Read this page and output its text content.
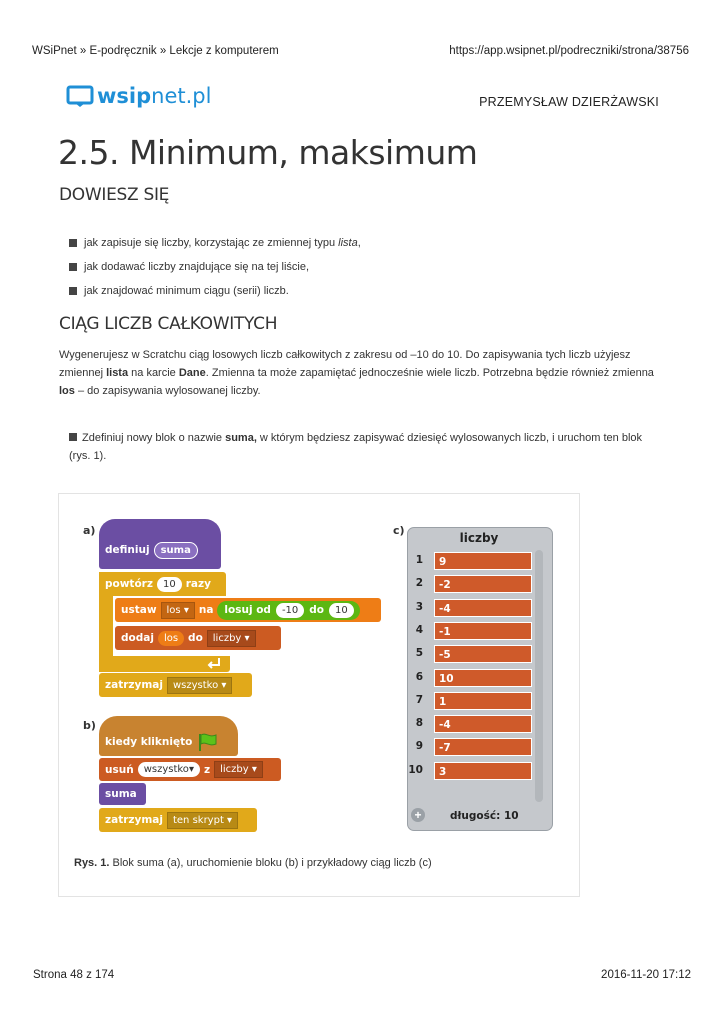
WSiPnet » E-podręcznik » Lekcje z komputerem	https://app.wsipnet.pl/podreczniki/strona/38756
wsip net.pl	PRZEMYSŁAW DZIERŻAWSKI
2.5. Minimum, maksimum
DOWIESZ SIĘ
jak zapisuje się liczby, korzystając ze zmiennej typu lista,
jak dodawać liczby znajdujące się na tej liście,
jak znajdować minimum ciągu (serii) liczb.
CIĄG LICZB CAŁKOWITYCH
Wygenerujesz w Scratchu ciąg losowych liczb całkowitych z zakresu od –10 do 10. Do zapisywania tych liczb użyjesz zmiennej lista na karcie Dane. Zmienna ta może zapamiętać jednocześnie wiele liczb. Potrzebna będzie również zmienna los – do zapisywania wylosowanej liczby.
Zdefiniuj nowy blok o nazwie suma, w którym będziesz zapisywać dziesięć wylosowanych liczb, i uruchom ten blok (rys. 1).
a)
b)
c)
definiuj	suma
powtórz	10 razy
ustaw	los ▾ na losuj od	-10	do	10
dodaj	los do	liczby ▾
zatrzymaj	wszystko ▾
kiedy kliknięto
usuń	wszystko▾ z	liczby ▾
suma
zatrzymaj	ten skrypt ▾
liczby
1	9
2	-2
3	-4
4	-1
5	-5
6	10
7	1
8	-4
9	-7
10	3
+	długość: 10
Rys. 1. Blok suma (a), uruchomienie bloku (b) i przykładowy ciąg liczb (c)
Strona 48 z 174	2016-11-20 17:12
